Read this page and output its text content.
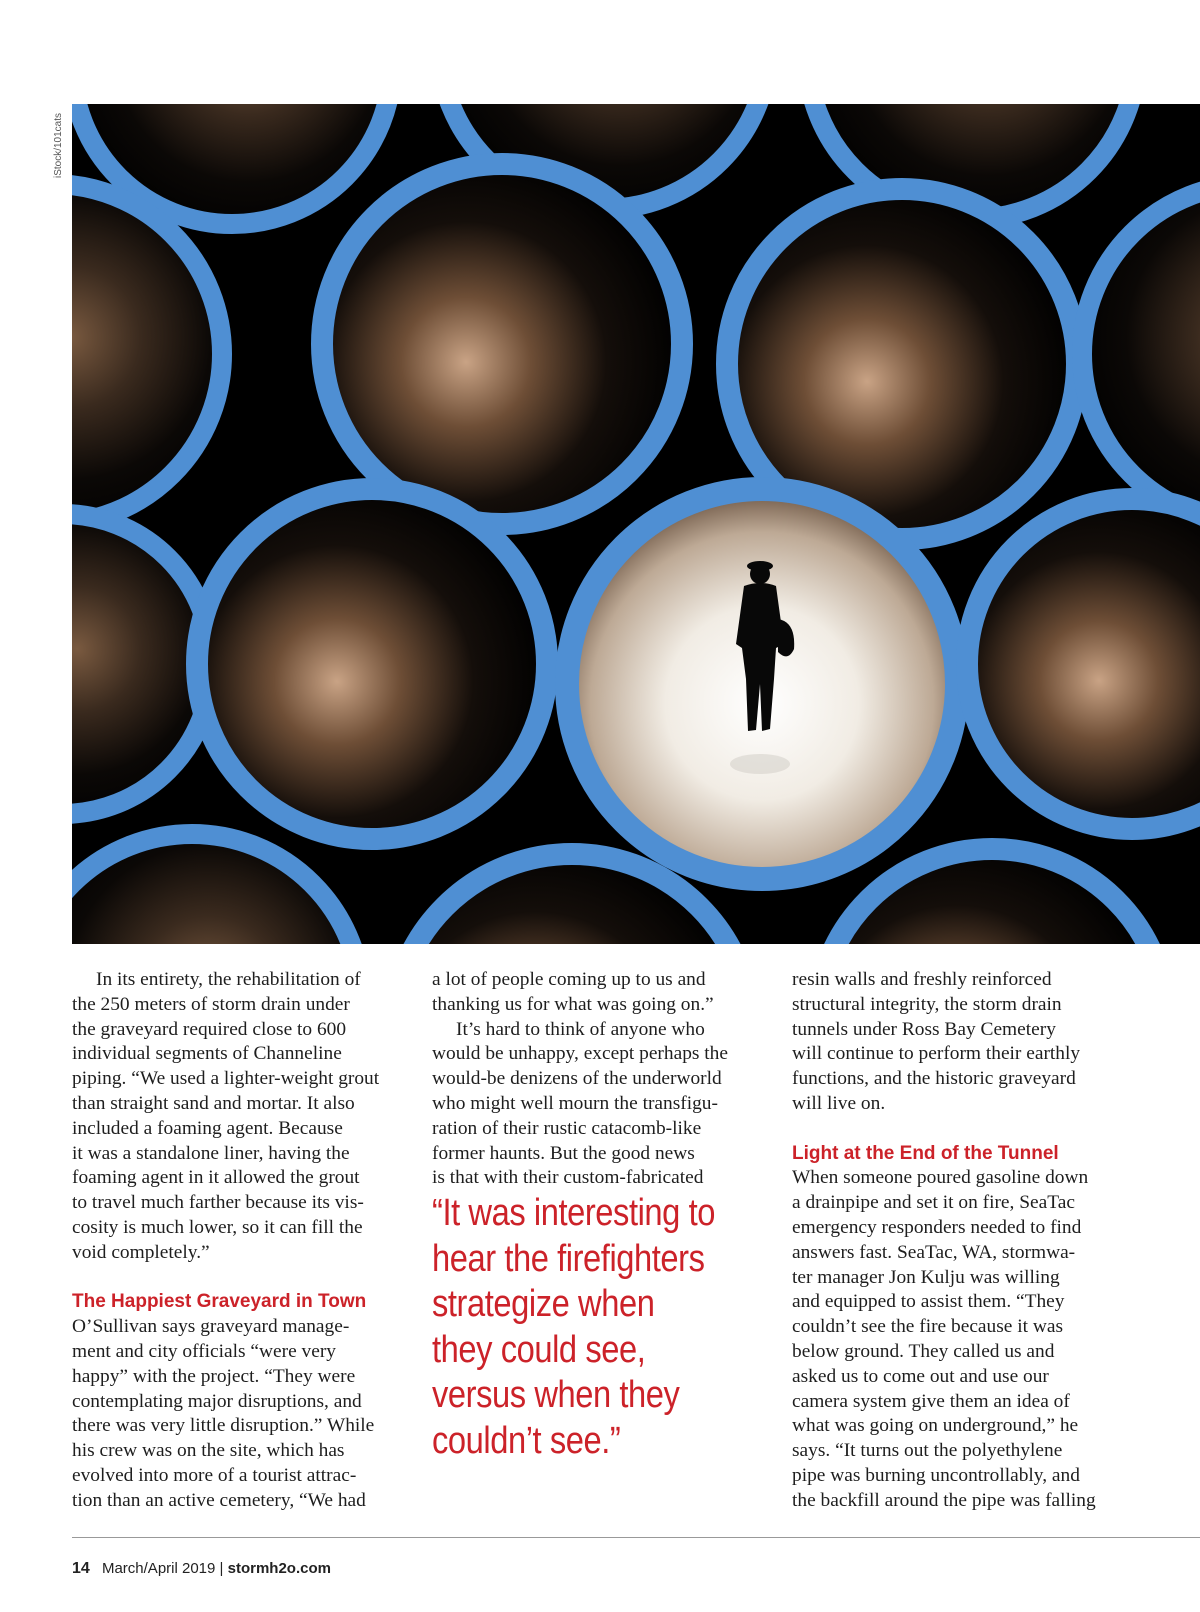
iStock/101cats

In its entirety, the rehabilitation of
the 250 meters of storm drain under
the graveyard required close to 600
individual segments of Channeline
piping. “We used a lighter-weight grout
than straight sand and mortar. It also
included a foaming agent. Because
it was a standalone liner, having the
foaming agent in it allowed the grout
to travel much farther because its vis-
cosity is much lower, so it can fill the
void completely.”

The Happiest Graveyard in Town

O’Sullivan says graveyard manage-
ment and city officials “were very
happy” with the project. “They were
contemplating major disruptions, and
there was very little disruption.” While
his crew was on the site, which has
evolved into more of a tourist attrac-
tion than an active cemetery, “We had

a lot of people coming up to us and
thanking us for what was going on.”

It’s hard to think of anyone who
would be unhappy, except perhaps the
would-be denizens of the underworld
who might well mourn the transfigu-
ration of their rustic catacomb-like
former haunts. But the good news
is that with their custom-fabricated

“It was interesting to
hear the firefighters
strategize when
they could see,
versus when they
couldn’t see.”

resin walls and freshly reinforced
structural integrity, the storm drain
tunnels under Ross Bay Cemetery
will continue to perform their earthly
functions, and the historic graveyard
will live on.

Light at the End of the Tunnel

When someone poured gasoline down
a drainpipe and set it on fire, SeaTac
emergency responders needed to find
answers fast. SeaTac, WA, stormwa-
ter manager Jon Kulju was willing
and equipped to assist them. “They
couldn’t see the fire because it was
below ground. They called us and
asked us to come out and use our
camera system give them an idea of
what was going on underground,” he
says. “It turns out the polyethylene
pipe was burning uncontrollably, and
the backfill around the pipe was falling

14 March/April 2019 | stormh2o.com
